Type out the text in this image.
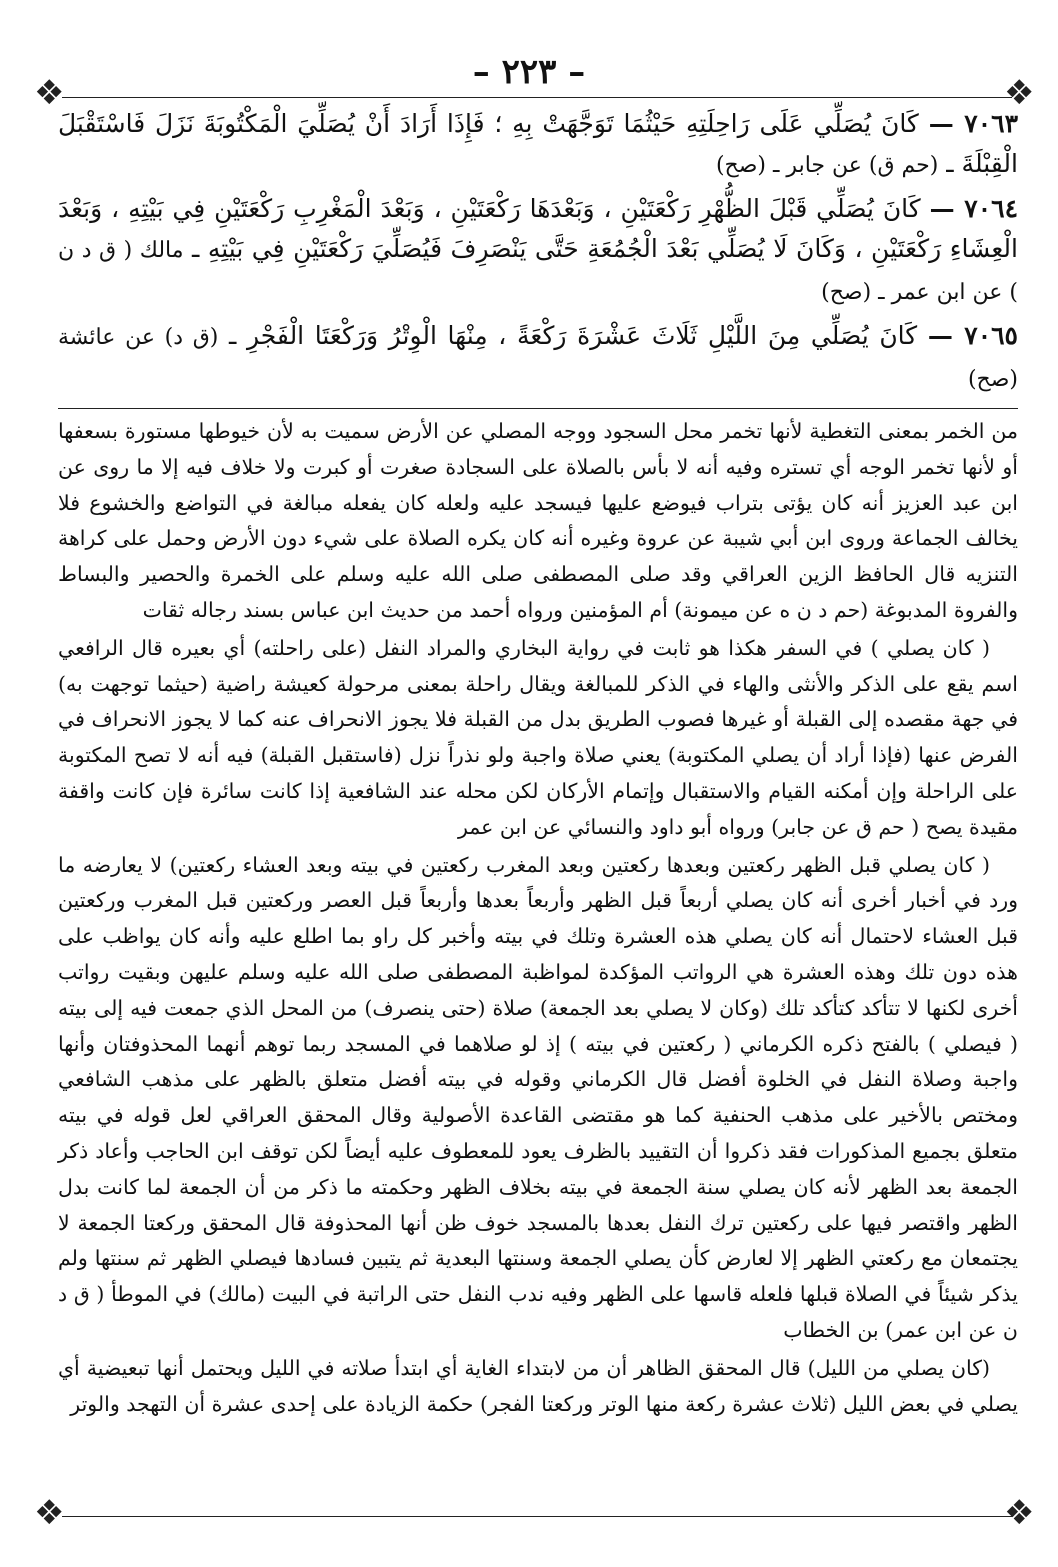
– ٢٢٣ –
❖	❖
❖	❖
٧٠٦٣ — كَانَ يُصَلِّي عَلَى رَاحِلَتِهِ حَيْثُمَا تَوَجَّهَتْ بِهِ ؛ فَإِذَا أَرَادَ أَنْ يُصَلِّيَ الْمَكْتُوبَةَ نَزَلَ فَاسْتَقْبَلَ الْقِبْلَةَ ـ (حم ق) عن جابر ـ (صح)
٧٠٦٤ — كَانَ يُصَلِّي قَبْلَ الظُّهْرِ رَكْعَتَيْنِ ، وَبَعْدَهَا رَكْعَتَيْنِ ، وَبَعْدَ الْمَغْرِبِ رَكْعَتَيْنِ فِي بَيْتِهِ ، وَبَعْدَ الْعِشَاءِ رَكْعَتَيْنِ ، وَكَانَ لَا يُصَلِّي بَعْدَ الْجُمُعَةِ حَتَّى يَنْصَرِفَ فَيُصَلِّيَ رَكْعَتَيْنِ فِي بَيْتِهِ ـ مالك ( ق د ن ) عن ابن عمر ـ (صح)
٧٠٦٥ — كَانَ يُصَلِّي مِنَ اللَّيْلِ ثَلَاثَ عَشْرَةَ رَكْعَةً ، مِنْهَا الْوِتْرُ وَرَكْعَتَا الْفَجْرِ ـ (ق د) عن عائشة (صح)

من الخمر بمعنى التغطية لأنها تخمر محل السجود ووجه المصلي عن الأرض سميت به لأن خيوطها مستورة بسعفها أو لأنها تخمر الوجه أي تستره وفيه أنه لا بأس بالصلاة على السجادة صغرت أو كبرت ولا خلاف فيه إلا ما روى عن ابن عبد العزيز أنه كان يؤتى بتراب فيوضع عليها فيسجد عليه ولعله كان يفعله مبالغة في التواضع والخشوع فلا يخالف الجماعة وروى ابن أبي شيبة عن عروة وغيره أنه كان يكره الصلاة على شيء دون الأرض وحمل على كراهة التنزيه قال الحافظ الزين العراقي وقد صلى المصطفى صلى الله عليه وسلم على الخمرة والحصير والبساط والفروة المدبوغة (حم د ن ه عن ميمونة) أم المؤمنين ورواه أحمد من حديث ابن عباس بسند رجاله ثقات

( كان يصلي ) في السفر هكذا هو ثابت في رواية البخاري والمراد النفل (على راحلته) أي بعيره قال الرافعي اسم يقع على الذكر والأنثى والهاء في الذكر للمبالغة ويقال راحلة بمعنى مرحولة كعيشة راضية (حيثما توجهت به) في جهة مقصده إلى القبلة أو غيرها فصوب الطريق بدل من القبلة فلا يجوز الانحراف عنه كما لا يجوز الانحراف في الفرض عنها (فإذا أراد أن يصلي المكتوبة) يعني صلاة واجبة ولو نذراً نزل (فاستقبل القبلة) فيه أنه لا تصح المكتوبة على الراحلة وإن أمكنه القيام والاستقبال وإتمام الأركان لكن محله عند الشافعية إذا كانت سائرة فإن كانت واقفة مقيدة يصح ( حم ق عن جابر) ورواه أبو داود والنسائي عن ابن عمر

( كان يصلي قبل الظهر ركعتين وبعدها ركعتين وبعد المغرب ركعتين في بيته وبعد العشاء ركعتين) لا يعارضه ما ورد في أخبار أخرى أنه كان يصلي أربعاً قبل الظهر وأربعاً بعدها وأربعاً قبل العصر وركعتين قبل المغرب وركعتين قبل العشاء لاحتمال أنه كان يصلي هذه العشرة وتلك في بيته وأخبر كل راو بما اطلع عليه وأنه كان يواظب على هذه دون تلك وهذه العشرة هي الرواتب المؤكدة لمواظبة المصطفى صلى الله عليه وسلم عليهن وبقيت رواتب أخرى لكنها لا تتأكد كتأكد تلك (وكان لا يصلي بعد الجمعة) صلاة (حتى ينصرف) من المحل الذي جمعت فيه إلى بيته ( فيصلي ) بالفتح ذكره الكرماني ( ركعتين في بيته ) إذ لو صلاهما في المسجد ربما توهم أنهما المحذوفتان وأنها واجبة وصلاة النفل في الخلوة أفضل قال الكرماني وقوله في بيته أفضل متعلق بالظهر على مذهب الشافعي ومختص بالأخير على مذهب الحنفية كما هو مقتضى القاعدة الأصولية وقال المحقق العراقي لعل قوله في بيته متعلق بجميع المذكورات فقد ذكروا أن التقييد بالظرف يعود للمعطوف عليه أيضاً لكن توقف ابن الحاجب وأعاد ذكر الجمعة بعد الظهر لأنه كان يصلي سنة الجمعة في بيته بخلاف الظهر وحكمته ما ذكر من أن الجمعة لما كانت بدل الظهر واقتصر فيها على ركعتين ترك النفل بعدها بالمسجد خوف ظن أنها المحذوفة قال المحقق وركعتا الجمعة لا يجتمعان مع ركعتي الظهر إلا لعارض كأن يصلي الجمعة وسنتها البعدية ثم يتبين فسادها فيصلي الظهر ثم سنتها ولم يذكر شيئاً في الصلاة قبلها فلعله قاسها على الظهر وفيه ندب النفل حتى الراتبة في البيت (مالك) في الموطأ ( ق د ن عن ابن عمر) بن الخطاب

(كان يصلي من الليل) قال المحقق الظاهر أن من لابتداء الغاية أي ابتدأ صلاته في الليل ويحتمل أنها تبعيضية أي يصلي في بعض الليل (ثلاث عشرة ركعة منها الوتر وركعتا الفجر) حكمة الزيادة على إحدى عشرة أن التهجد والوتر
